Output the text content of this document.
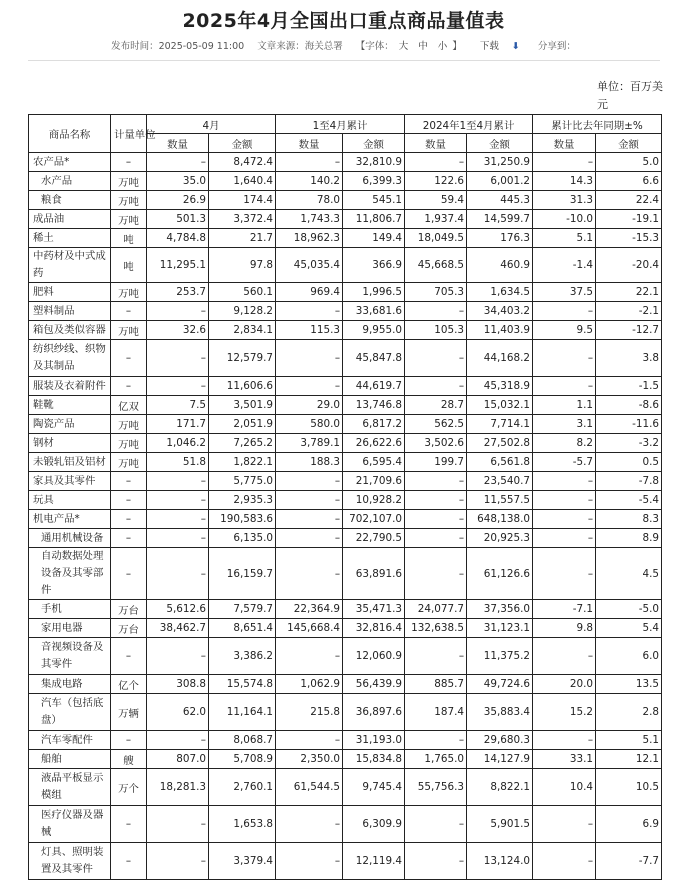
2025年4月全国出口重点商品量值表
发布时间：2025-05-09 11:00 文章来源：海关总署 【字体： 大 中 小 】 下载 ⬇ 分享到：
单位：百万美元
商品名称	计量单位	4月		1至4月累计		2024年1至4月累计		累计比去年同期±%	
		数量	金额	数量	金额	数量	金额	数量	金额
农产品*	–	–	8,472.4	–	32,810.9	–	31,250.9	–	5.0
水产品	万吨	35.0	1,640.4	140.2	6,399.3	122.6	6,001.2	14.3	6.6
粮食	万吨	26.9	174.4	78.0	545.1	59.4	445.3	31.3	22.4
成品油	万吨	501.3	3,372.4	1,743.3	11,806.7	1,937.4	14,599.7	-10.0	-19.1
稀土	吨	4,784.8	21.7	18,962.3	149.4	18,049.5	176.3	5.1	-15.3
中药材及中式成药	吨	11,295.1	97.8	45,035.4	366.9	45,668.5	460.9	-1.4	-20.4
肥料	万吨	253.7	560.1	969.4	1,996.5	705.3	1,634.5	37.5	22.1
塑料制品	–	–	9,128.2	–	33,681.6	–	34,403.2	–	-2.1
箱包及类似容器	万吨	32.6	2,834.1	115.3	9,955.0	105.3	11,403.9	9.5	-12.7
纺织纱线、织物及其制品	–	–	12,579.7	–	45,847.8	–	44,168.2	–	3.8
服装及衣着附件	–	–	11,606.6	–	44,619.7	–	45,318.9	–	-1.5
鞋靴	亿双	7.5	3,501.9	29.0	13,746.8	28.7	15,032.1	1.1	-8.6
陶瓷产品	万吨	171.7	2,051.9	580.0	6,817.2	562.5	7,714.1	3.1	-11.6
钢材	万吨	1,046.2	7,265.2	3,789.1	26,622.6	3,502.6	27,502.8	8.2	-3.2
未锻轧铝及铝材	万吨	51.8	1,822.1	188.3	6,595.4	199.7	6,561.8	-5.7	0.5
家具及其零件	–	–	5,775.0	–	21,709.6	–	23,540.7	–	-7.8
玩具	–	–	2,935.3	–	10,928.2	–	11,557.5	–	-5.4
机电产品*	–	–	190,583.6	–	702,107.0	–	648,138.0	–	8.3
通用机械设备	–	–	6,135.0	–	22,790.5	–	20,925.3	–	8.9
自动数据处理设备及其零部件	–	–	16,159.7	–	63,891.6	–	61,126.6	–	4.5
手机	万台	5,612.6	7,579.7	22,364.9	35,471.3	24,077.7	37,356.0	-7.1	-5.0
家用电器	万台	38,462.7	8,651.4	145,668.4	32,816.4	132,638.5	31,123.1	9.8	5.4
音视频设备及其零件	–	–	3,386.2	–	12,060.9	–	11,375.2	–	6.0
集成电路	亿个	308.8	15,574.8	1,062.9	56,439.9	885.7	49,724.6	20.0	13.5
汽车（包括底盘）	万辆	62.0	11,164.1	215.8	36,897.6	187.4	35,883.4	15.2	2.8
汽车零配件	–	–	8,068.7	–	31,193.0	–	29,680.3	–	5.1
船舶	艘	807.0	5,708.9	2,350.0	15,834.8	1,765.0	14,127.9	33.1	12.1
液晶平板显示模组	万个	18,281.3	2,760.1	61,544.5	9,745.4	55,756.3	8,822.1	10.4	10.5
医疗仪器及器械	–	–	1,653.8	–	6,309.9	–	5,901.5	–	6.9
灯具、照明装置及其零件	–	–	3,379.4	–	12,119.4	–	13,124.0	–	-7.7
